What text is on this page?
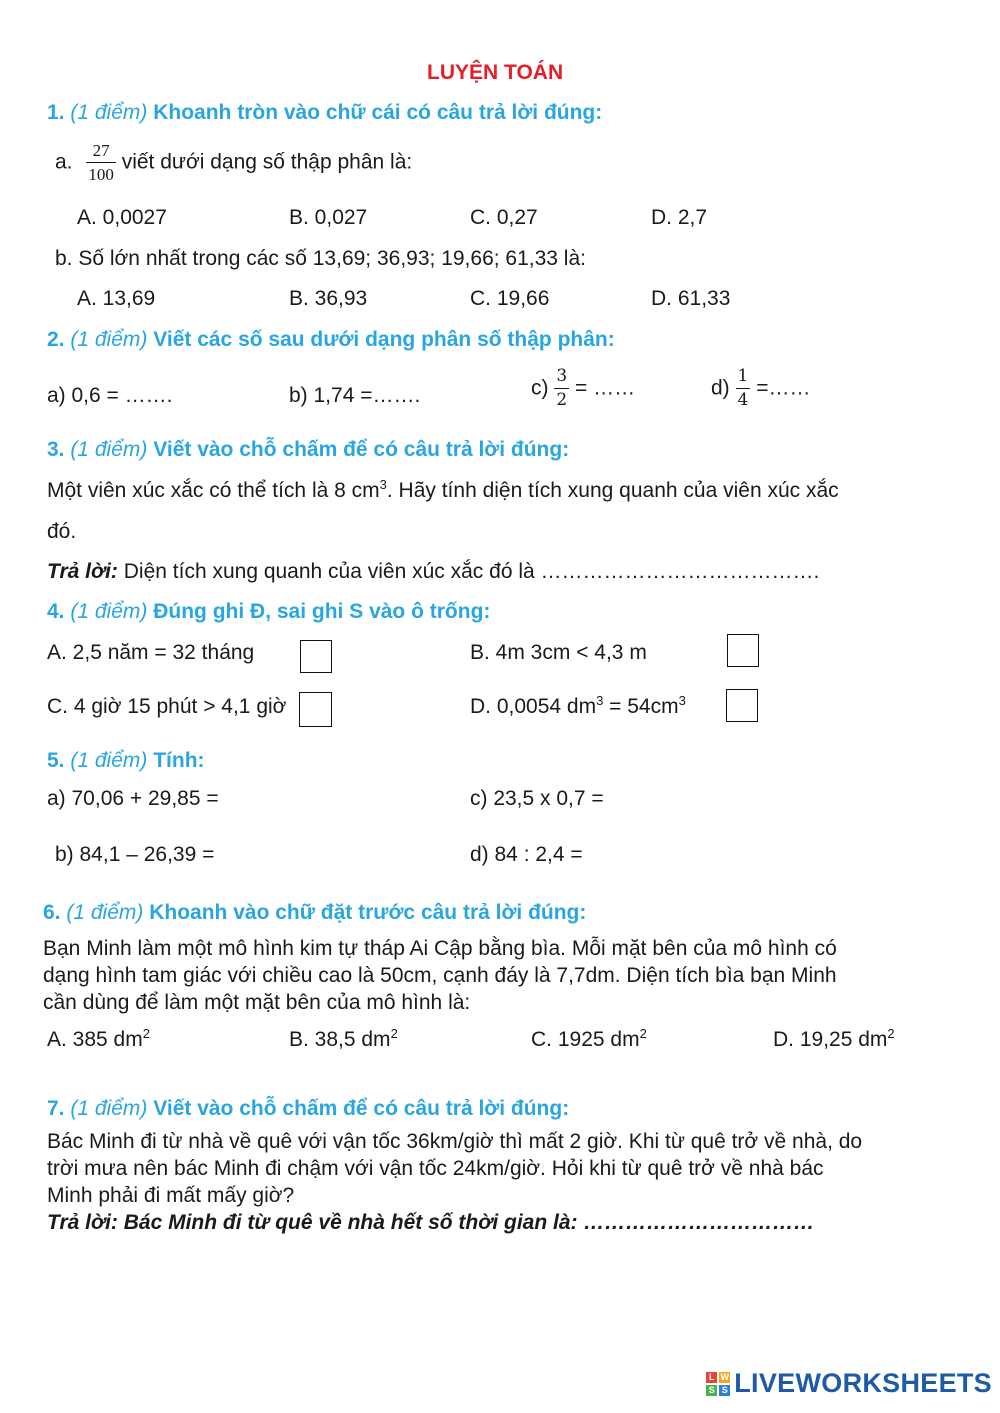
LUYỆN TOÁN
1. (1 điểm) Khoanh tròn vào chữ cái có câu trả lời đúng:
a. $\frac{27}{100}$ viết dưới dạng số thập phân là:
A. 0,0027	B. 0,027	C. 0,27	D. 2,7
b. Số lớn nhất trong các số 13,69; 36,93; 19,66; 61,33 là:
A. 13,69	B. 36,93	C. 19,66	D. 61,33
2. (1 điểm) Viết các số sau dưới dạng phân số thập phân:
a) 0,6 = …….	b) 1,74 =…….	$c) \frac{3}{2}$ = ……	$d) \frac{1}{4}$ =……
3. (1 điểm) Viết vào chỗ chấm để có câu trả lời đúng:
Một viên xúc xắc có thể tích là 8 $cm^3$. Hãy tính diện tích xung quanh của viên xúc xắc
đó.
Trả lời: Diện tích xung quanh của viên xúc xắc đó là ………………………………….
4. (1 điểm) Đúng ghi Đ, sai ghi S vào ô trống:
A. 2,5 năm = 32 tháng	B. 4m 3cm < 4,3 m
C. 4 giờ 15 phút > 4,1 giờ	D. 0,0054 $dm^3 = 54cm^3$
5. (1 điểm) Tính:
a) 70,06 + 29,85 =	c) 23,5 x 0,7 =
b) 84,1 – 26,39 =	d) 84 : 2,4 =
6. (1 điểm) Khoanh vào chữ đặt trước câu trả lời đúng:
Bạn Minh làm một mô hình kim tự tháp Ai Cập bằng bìa. Mỗi mặt bên của mô hình có
dạng hình tam giác với chiều cao là 50cm, cạnh đáy là 7,7dm. Diện tích bìa bạn Minh
cần dùng để làm một mặt bên của mô hình là:
A. 385 $dm^2$	B. 38,5 $dm^2$	C. 1925 $dm^2$	D. 19,25 $dm^2$
7. (1 điểm) Viết vào chỗ chấm để có câu trả lời đúng:
Bác Minh đi từ nhà về quê với vận tốc 36km/giờ thì mất 2 giờ. Khi từ quê trở về nhà, do
trời mưa nên bác Minh đi chậm với vận tốc 24km/giờ. Hỏi khi từ quê trở về nhà bác
Minh phải đi mất mấy giờ?
Trả lời: Bác Minh đi từ quê về nhà hết số thời gian là: ……………………………
L W
S S LIVEWORKSHEETS
